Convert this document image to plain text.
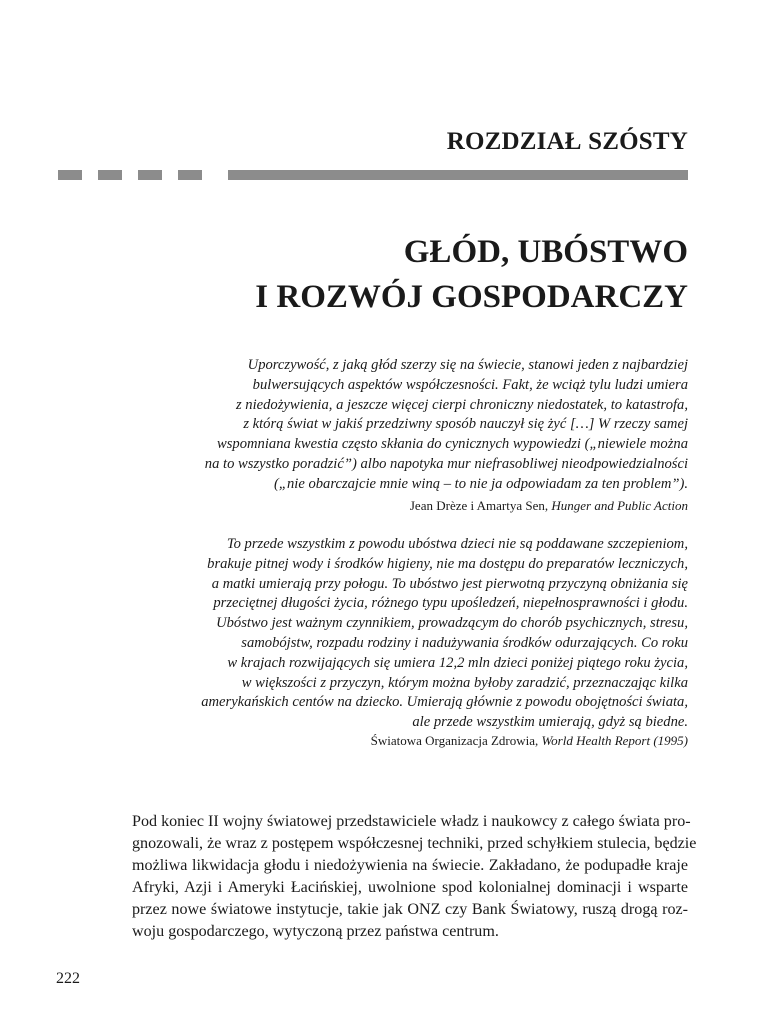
ROZDZIAŁ SZÓSTY
GŁÓD, UBÓSTWO
I ROZWÓJ GOSPODARCZY
Uporczywość, z jaką głód szerzy się na świecie, stanowi jeden z najbardziej
bulwersujących aspektów współczesności. Fakt, że wciąż tylu ludzi umiera
z niedożywienia, a jeszcze więcej cierpi chroniczny niedostatek, to katastrofa,
z którą świat w jakiś przedziwny sposób nauczył się żyć […] W rzeczy samej
wspomniana kwestia często skłania do cynicznych wypowiedzi („niewiele można
na to wszystko poradzić”) albo napotyka mur niefrasobliwej nieodpowiedzialności
(„nie obarczajcie mnie winą – to nie ja odpowiadam za ten problem”).
Jean Drèze i Amartya Sen, Hunger and Public Action
To przede wszystkim z powodu ubóstwa dzieci nie są poddawane szczepieniom,
brakuje pitnej wody i środków higieny, nie ma dostępu do preparatów leczniczych,
a matki umierają przy połogu. To ubóstwo jest pierwotną przyczyną obniżania się
przeciętnej długości życia, różnego typu upośledzeń, niepełnosprawności i głodu.
Ubóstwo jest ważnym czynnikiem, prowadzącym do chorób psychicznych, stresu,
samobójstw, rozpadu rodziny i nadużywania środków odurzających. Co roku
w krajach rozwijających się umiera 12,2 mln dzieci poniżej piątego roku życia,
w większości z przyczyn, którym można byłoby zaradzić, przeznaczając kilka
amerykańskich centów na dziecko. Umierają głównie z powodu obojętności świata,
ale przede wszystkim umierają, gdyż są biedne.
Światowa Organizacja Zdrowia, World Health Report (1995)
Pod koniec II wojny światowej przedstawiciele władz i naukowcy z całego świata pro-
gnozowali, że wraz z postępem współczesnej techniki, przed schyłkiem stulecia, będzie
możliwa likwidacja głodu i niedożywienia na świecie. Zakładano, że podupadłe kraje
Afryki, Azji i Ameryki Łacińskiej, uwolnione spod kolonialnej dominacji i wsparte
przez nowe światowe instytucje, takie jak ONZ czy Bank Światowy, ruszą drogą roz-
woju gospodarczego, wytyczoną przez państwa centrum.
222
